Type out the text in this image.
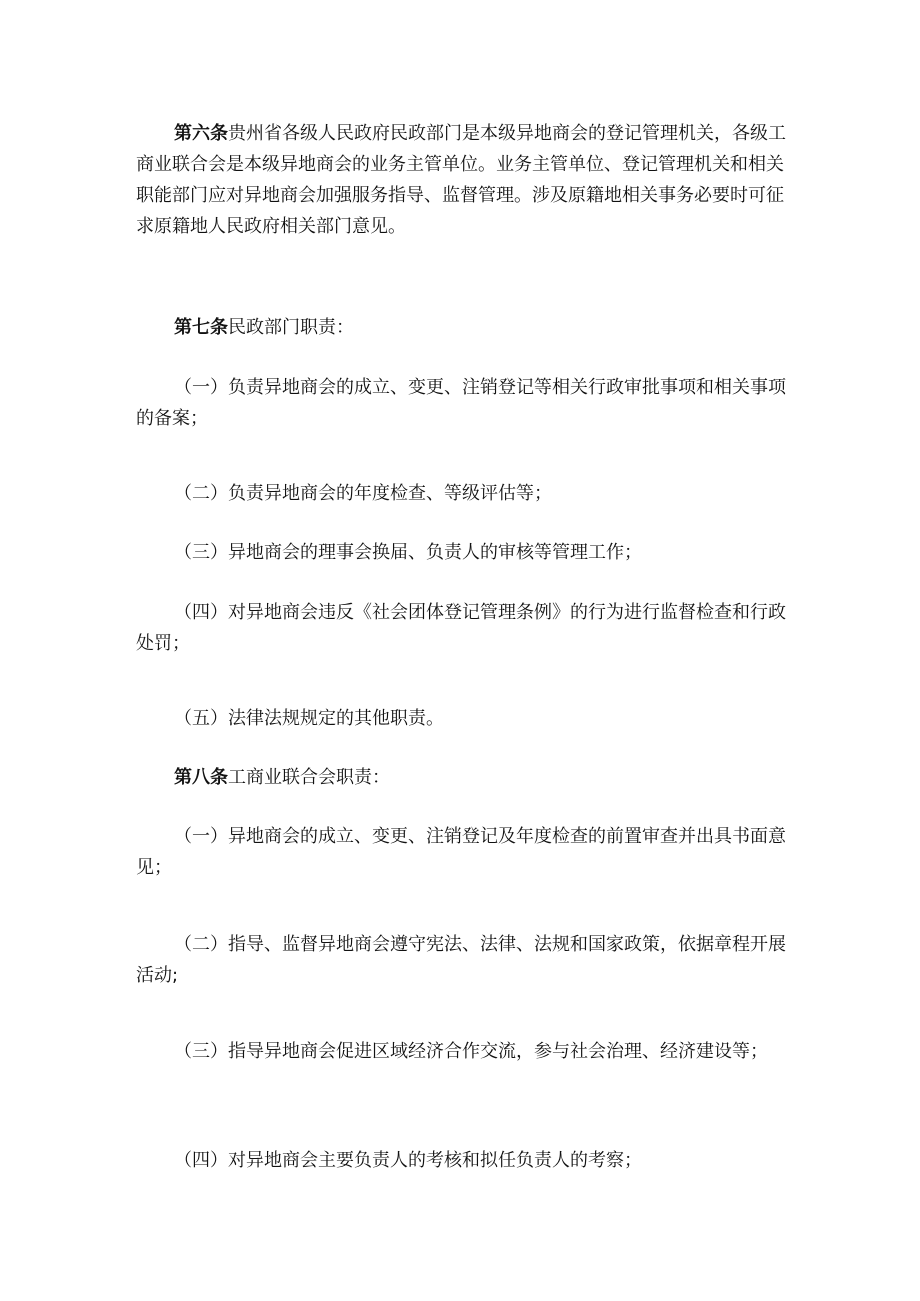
第六条贵州省各级人民政府民政部门是本级异地商会的登记管理机关，各级工商业联合会是本级异地商会的业务主管单位。业务主管单位、登记管理机关和相关职能部门应对异地商会加强服务指导、监督管理。涉及原籍地相关事务必要时可征求原籍地人民政府相关部门意见。

第七条民政部门职责：

（一）负责异地商会的成立、变更、注销登记等相关行政审批事项和相关事项的备案；

（二）负责异地商会的年度检查、等级评估等；

（三）异地商会的理事会换届、负责人的审核等管理工作；

（四）对异地商会违反《社会团体登记管理条例》的行为进行监督检查和行政处罚；

（五）法律法规规定的其他职责。

第八条工商业联合会职责：

（一）异地商会的成立、变更、注销登记及年度检查的前置审查并出具书面意见；

（二）指导、监督异地商会遵守宪法、法律、法规和国家政策，依据章程开展活动;

（三）指导异地商会促进区域经济合作交流，参与社会治理、经济建设等；

（四）对异地商会主要负责人的考核和拟任负责人的考察；
